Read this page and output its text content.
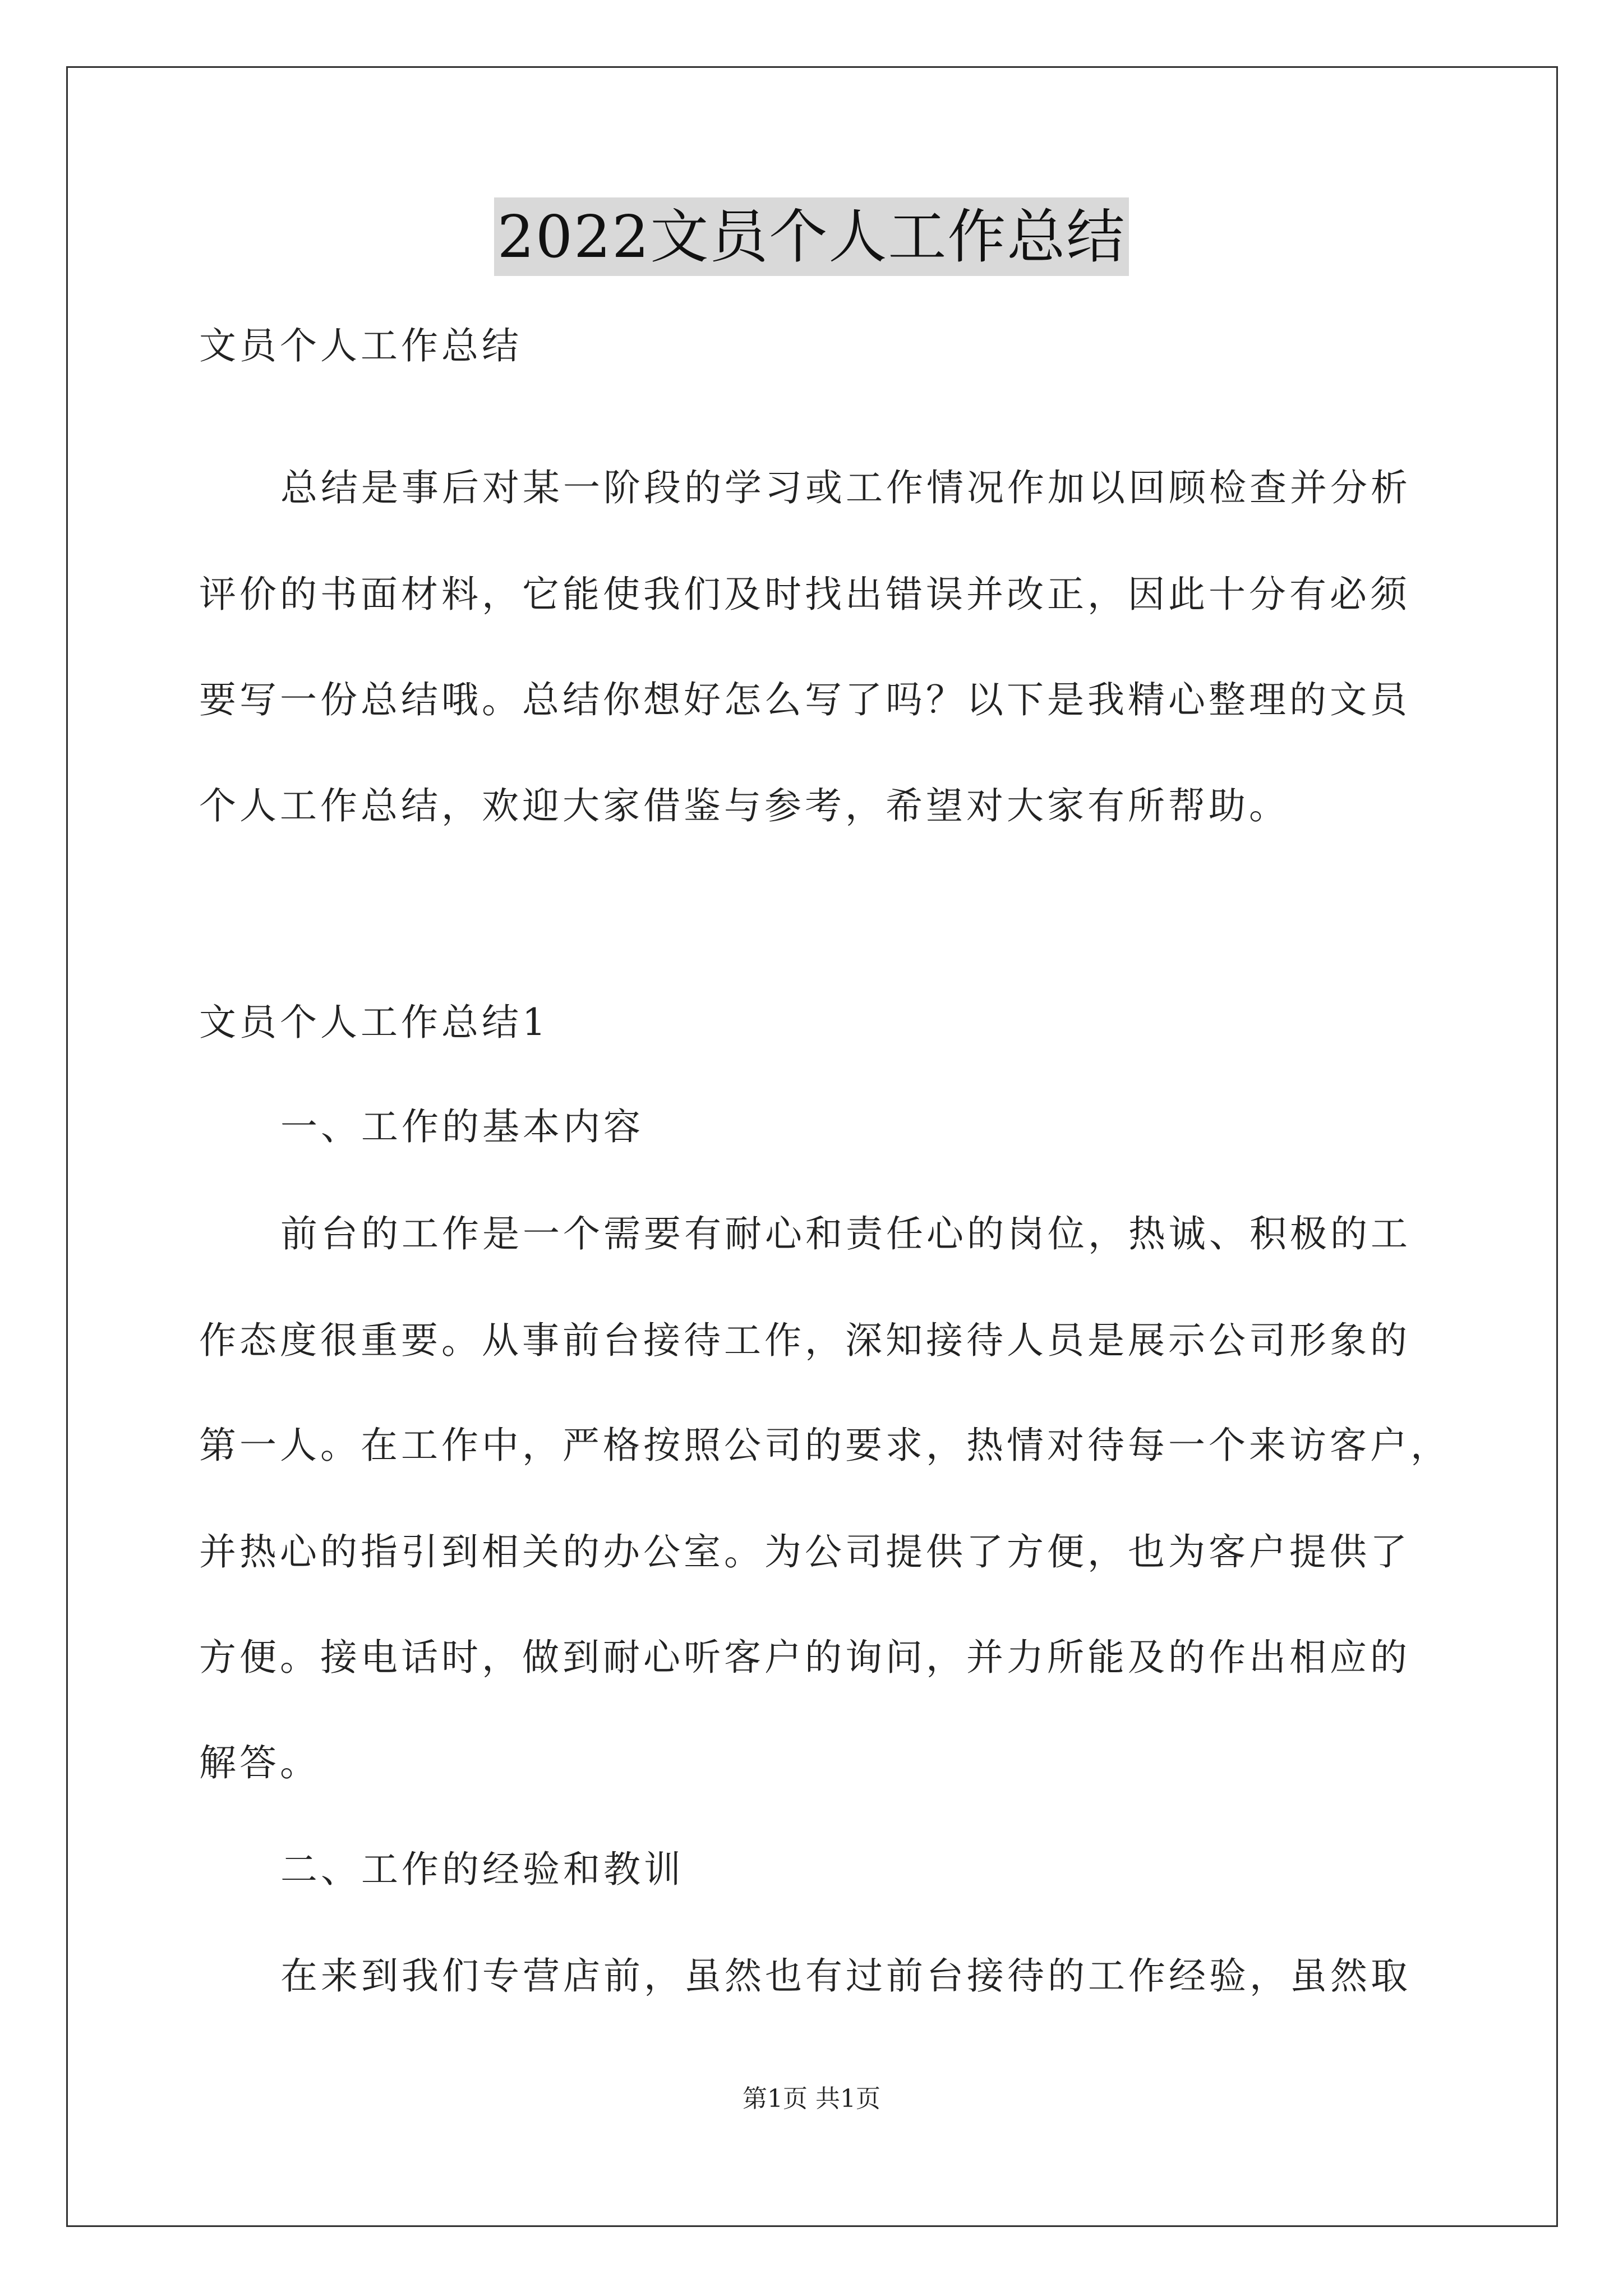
2022文员个人工作总结
文员个人工作总结
总结是事后对某一阶段的学习或工作情况作加以回顾检查并分析
评价的书面材料，它能使我们及时找出错误并改正，因此十分有必须
要写一份总结哦。总结你想好怎么写了吗？以下是我精心整理的文员
个人工作总结，欢迎大家借鉴与参考，希望对大家有所帮助。
文员个人工作总结1
一、工作的基本内容
前台的工作是一个需要有耐心和责任心的岗位，热诚、积极的工
作态度很重要。从事前台接待工作，深知接待人员是展示公司形象的
第一人。在工作中，严格按照公司的要求，热情对待每一个来访客户，
并热心的指引到相关的办公室。为公司提供了方便，也为客户提供了
方便。接电话时，做到耐心听客户的询问，并力所能及的作出相应的
解答。
二、工作的经验和教训
在来到我们专营店前，虽然也有过前台接待的工作经验，虽然取
第1页 共1页
